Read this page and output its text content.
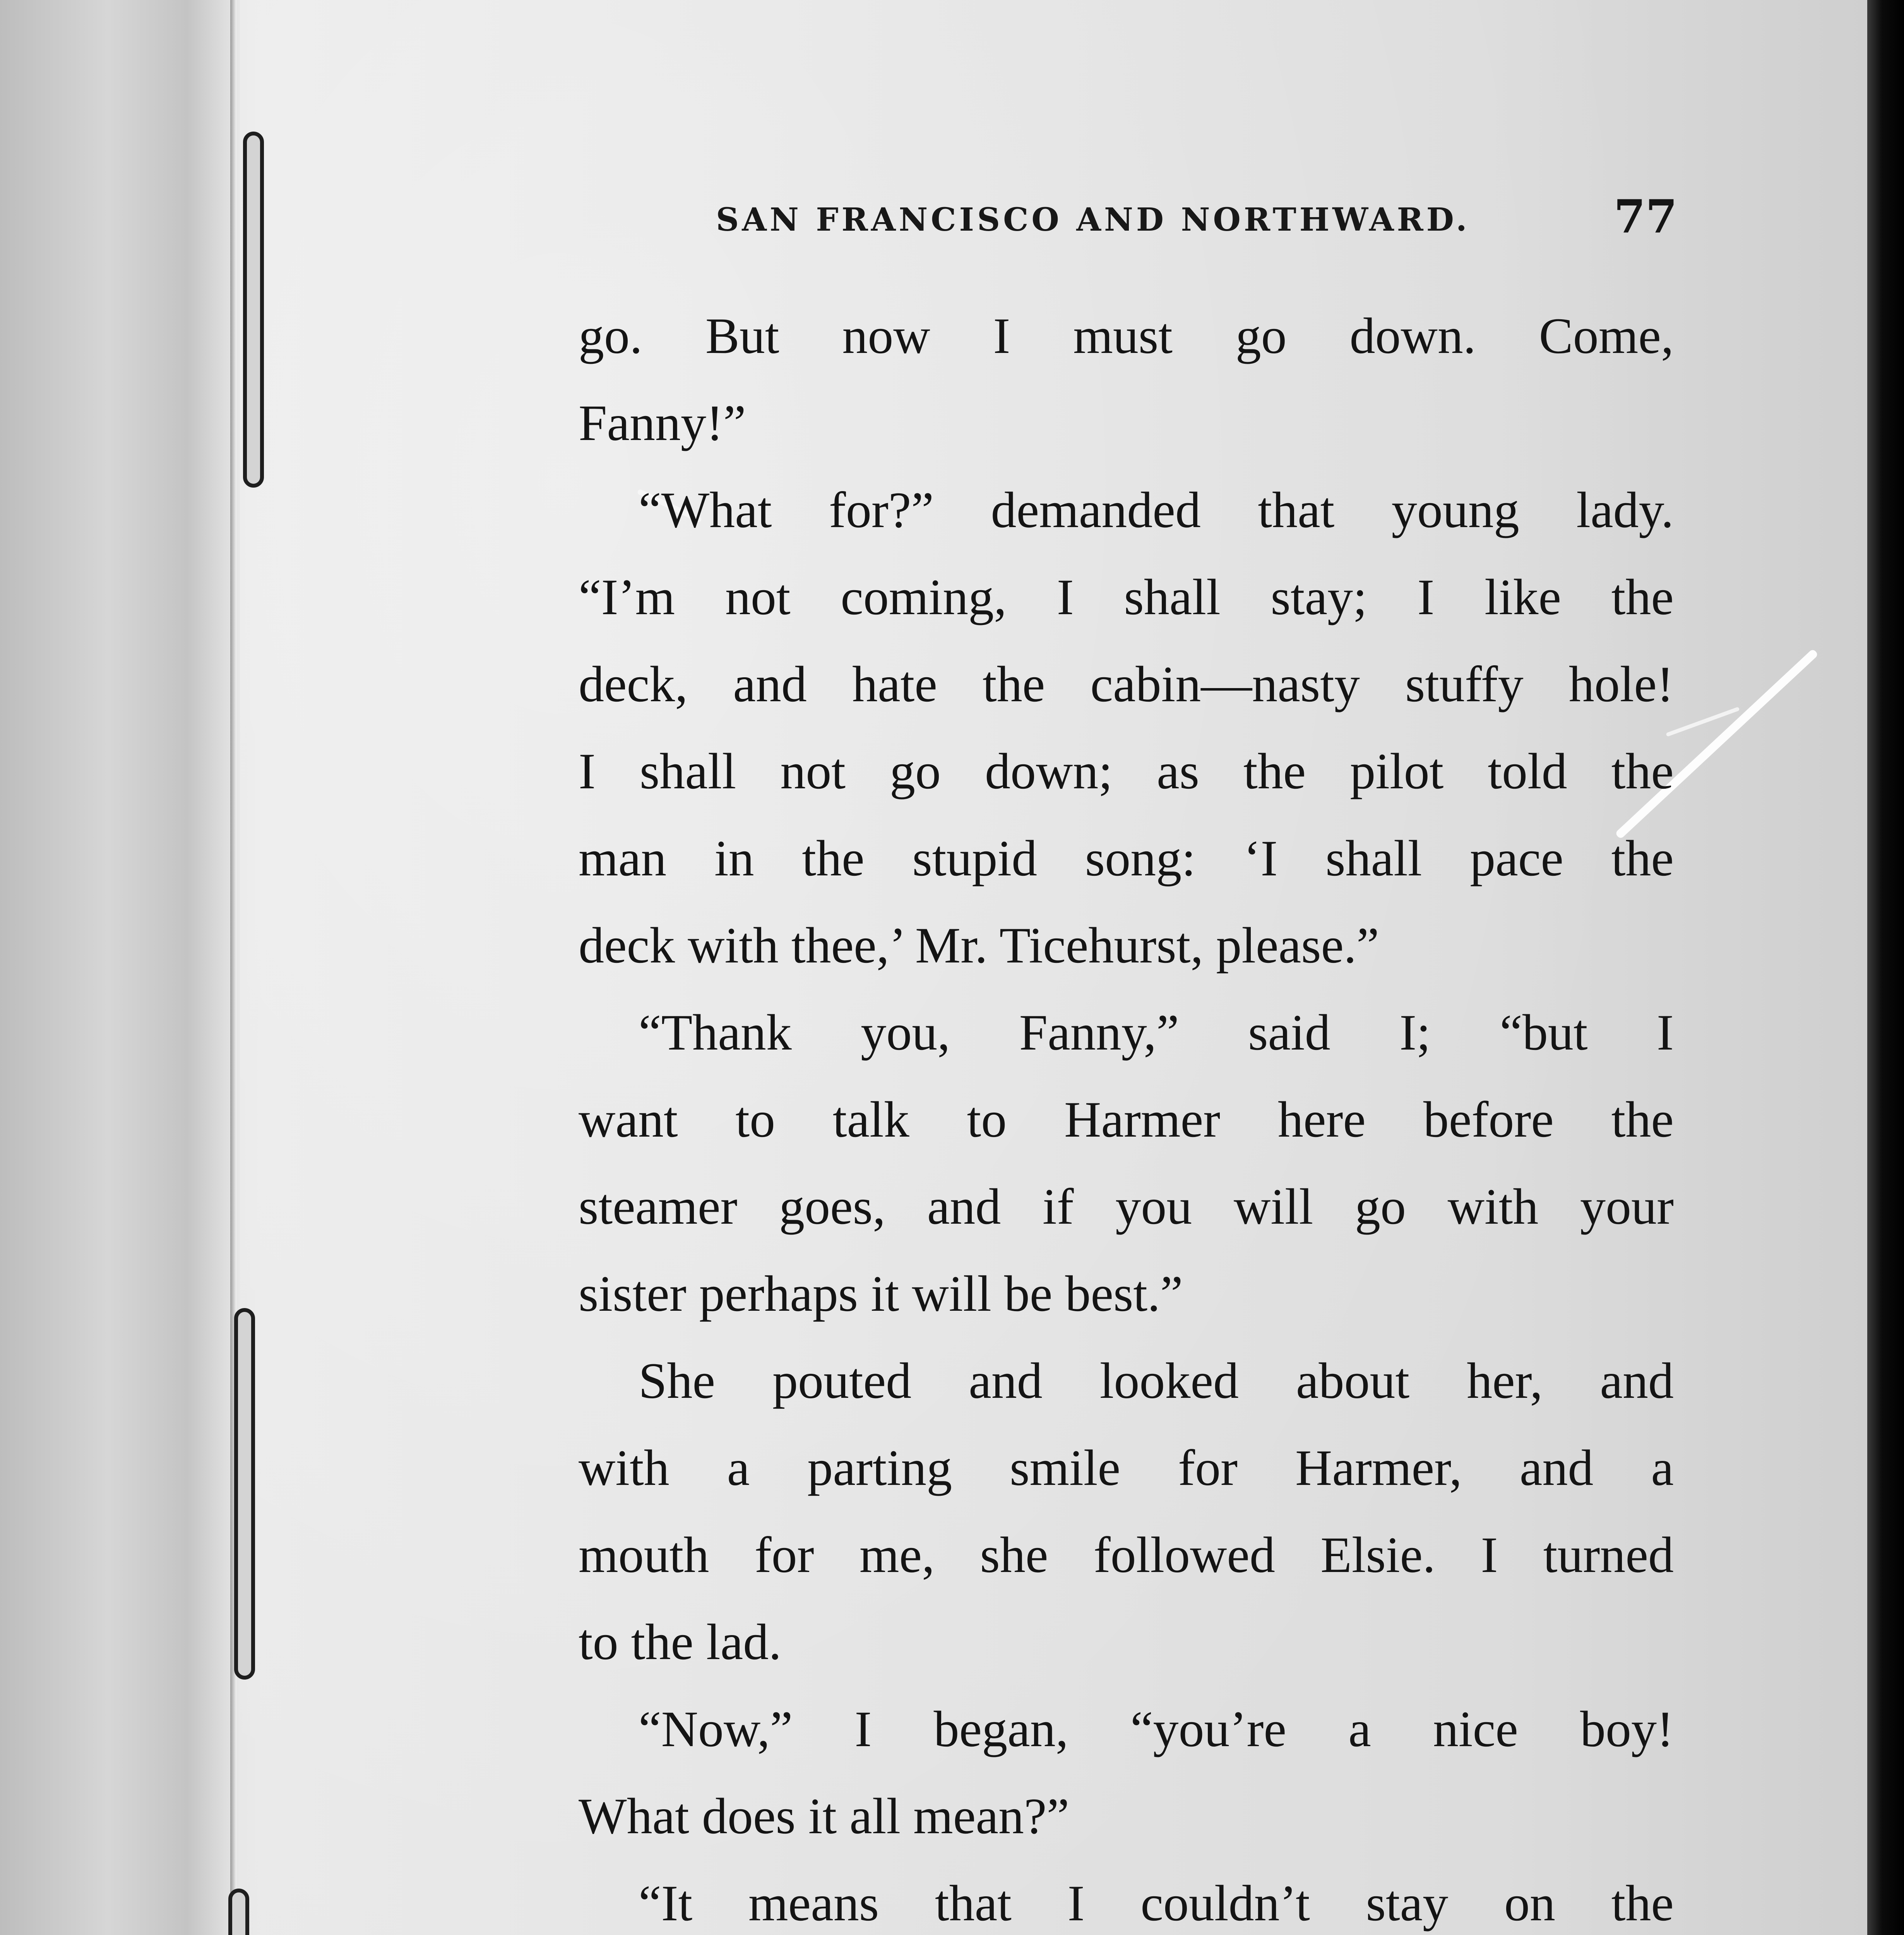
SAN FRANCISCO AND NORTHWARD.	77
go. But now I must go down. Come,
Fanny!”
“What for?” demanded that young lady.
“I’m not coming, I shall stay; I like the
deck, and hate the cabin—nasty stuffy hole!
I shall not go down; as the pilot told the
man in the stupid song: ‘I shall pace the
deck with thee,’ Mr. Ticehurst, please.”
“Thank you, Fanny,” said I; “but I
want to talk to Harmer here before the
steamer goes, and if you will go with your
sister perhaps it will be best.”
She pouted and looked about her, and
with a parting smile for Harmer, and a
mouth for me, she followed Elsie. I turned
to the lad.
“Now,” I began, “you’re a nice boy!
What does it all mean?”
“It means that I couldn’t stay on the
